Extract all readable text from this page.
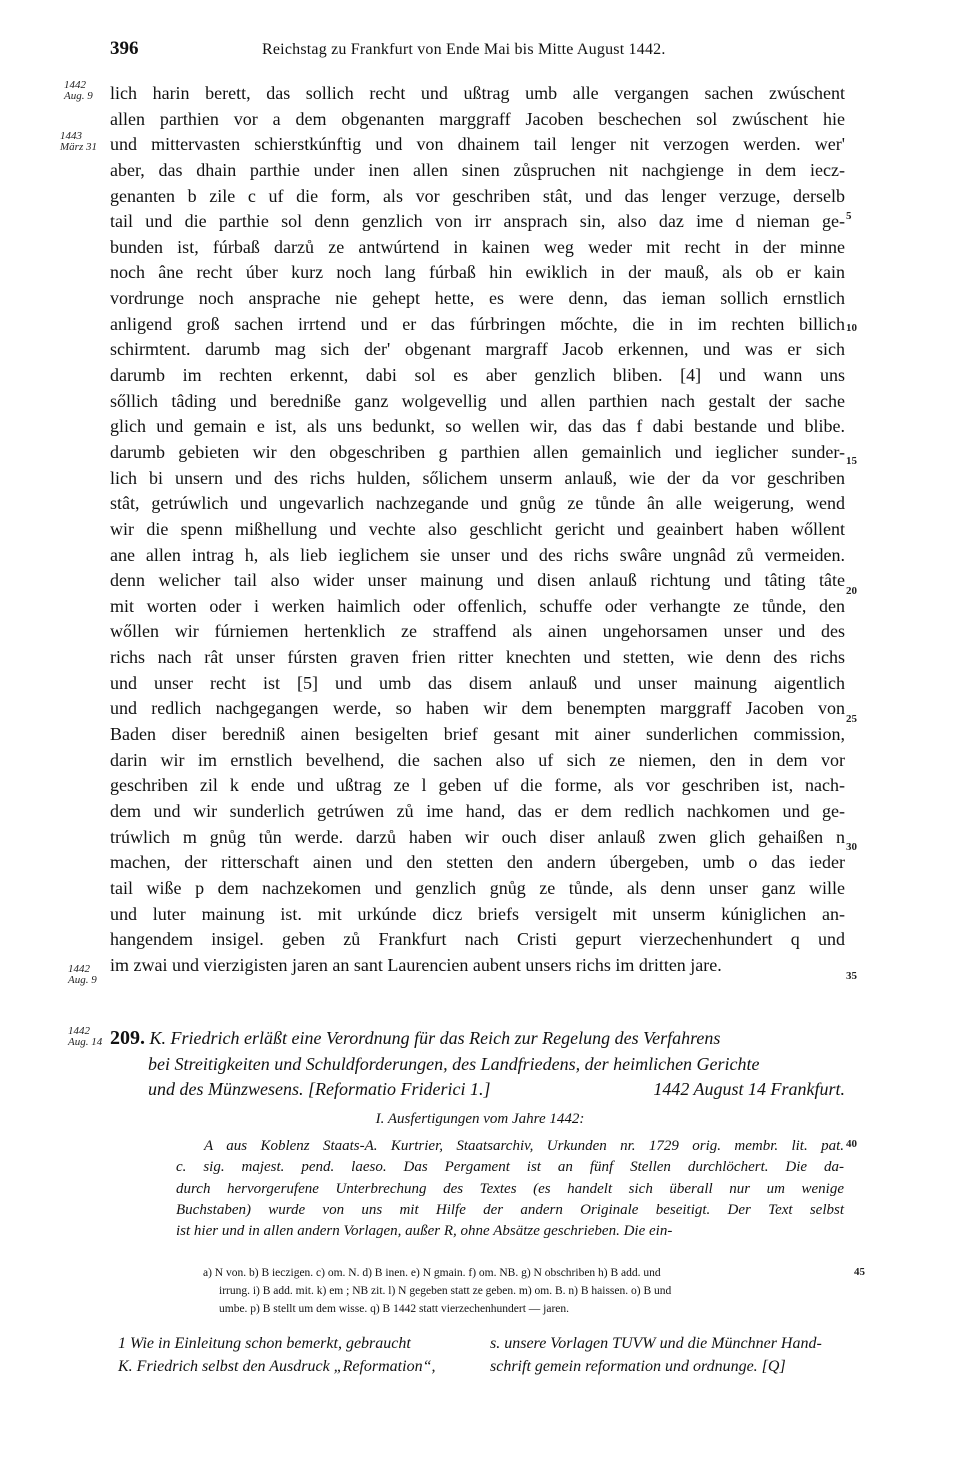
396	Reichstag zu Frankfurt von Ende Mai bis Mitte August 1442.
lich harin berett, das sollich recht und ußtrag umb alle vergangen sachen zwúschent
allen parthien vor a dem obgenanten marggraff Jacoben beschechen sol zwúschent hie
und mittervasten schierstkúnftig und von dhainem tail lenger nit verzogen werden. wer'
aber, das dhain parthie under inen allen sinen zůspruchen nit nachgienge in dem iecz-
genanten b zile c uf die form, als vor geschriben stât, und das lenger verzuge, derselb
tail und die parthie sol denn genzlich von irr ansprach sin, also daz ime d nieman ge-
bunden ist, fúrbaß darzů ze antwúrtend in kainen weg weder mit recht in der minne
noch âne recht úber kurz noch lang fúrbaß hin ewiklich in der mauß, als ob er kain
vordrunge noch ansprache nie gehept hette, es were denn, das ieman sollich ernstlich
anligend groß sachen irrtend und er das fúrbringen mőchte, die in im rechten billich
schirmtent. darumb mag sich der' obgenant margraff Jacob erkennen, und was er sich
darumb im rechten erkennt, dabi sol es aber genzlich bliben. [4] und wann uns
sőllich tâding und beredniße ganz wolgevellig und allen parthien nach gestalt der sache
glich und gemain e ist, als uns bedunkt, so wellen wir, das das f dabi bestande und blibe.
darumb gebieten wir den obgeschriben g parthien allen gemainlich und ieglicher sunder-
lich bi unsern und des richs hulden, sőlichem unserm anlauß, wie der da vor geschriben
stât, getrúwlich und ungevarlich nachzegande und gnůg ze tůnde ân alle weigerung, wend
wir die spenn mißhellung und vechte also geschlicht gericht und geainbert haben wőllent
ane allen intrag h, als lieb ieglichem sie unser und des richs swâre ungnâd zů vermeiden.
denn welicher tail also wider unser mainung und disen anlauß richtung und tâting tâte
mit worten oder i werken haimlich oder offenlich, schuffe oder verhangte ze tůnde, den
wőllen wir fúrniemen hertenklich ze straffend als ainen ungehorsamen unser und des
richs nach rât unser fúrsten graven frien ritter knechten und stetten, wie denn des richs
und unser recht ist [5] und umb das disem anlauß und unser mainung aigentlich
und redlich nachgegangen werde, so haben wir dem benempten marggraff Jacoben von
Baden diser beredniß ainen besigelten brief gesant mit ainer sunderlichen commission,
darin wir im ernstlich bevelhend, die sachen also uf sich ze niemen, den in dem vor
geschriben zil k ende und ußtrag ze l geben uf die forme, als vor geschriben ist, nach-
dem und wir sunderlich getrúwen zů ime hand, das er dem redlich nachkomen und ge-
trúwlich m gnůg tůn werde. darzů haben wir ouch diser anlauß zwen glich gehaißen n
machen, der ritterschaft ainen und den stetten den andern úbergeben, umb o das ieder
tail wiße p dem nachzekomen und genzlich gnůg ze tůnde, als denn unser ganz wille
und luter mainung ist. mit urkúnde dicz briefs versigelt mit unserm kúniglichen an-
hangendem insigel. geben zů Frankfurt nach Cristi gepurt vierzechenhundert q und
im zwai und vierzigisten jaren an sant Laurencien aubent unsers richs im dritten jare.
1442
Aug. 9
1443
März 31
1442
Aug. 9
5
10
15
20
25
30
35
1442
Aug. 14 209. K. Friedrich erläßt eine Verordnung für das Reich zur Regelung des Verfahrens
bei Streitigkeiten und Schuldforderungen, des Landfriedens, der heimlichen Gerichte
und des Münzwesens. [Reformatio Friderici 1.]	1442 August 14 Frankfurt.
I. Ausfertigungen vom Jahre 1442:
A aus Koblenz Staats-A. Kurtrier, Staatsarchiv, Urkunden nr. 1729 orig. membr. lit. pat.
c. sig. majest. pend. laeso. Das Pergament ist an fünf Stellen durchlöchert. Die da-
durch hervorgerufene Unterbrechung des Textes (es handelt sich überall nur um wenige
Buchstaben) wurde von uns mit Hilfe der andern Originale beseitigt. Der Text selbst
ist hier und in allen andern Vorlagen, außer R, ohne Absätze geschrieben. Die ein-
40
a) N von. b) B ieczigen. c) om. N. d) B inen. e) N gmain. f) om. NB. g) N obschriben h) B add. und
irrung. i) B add. mit. k) em ; NB zit. l) N gegeben statt ze geben. m) om. B. n) B haissen. o) B und
umbe. p) B stellt um dem wisse. q) B 1442 statt vierzechenhundert — jaren.
45
1 Wie in Einleitung schon bemerkt, gebraucht
K. Friedrich selbst den Ausdruck „Reformation“,
s. unsere Vorlagen TUVW und die Münchner Hand-
schrift gemein reformation und ordnunge. [Q]
